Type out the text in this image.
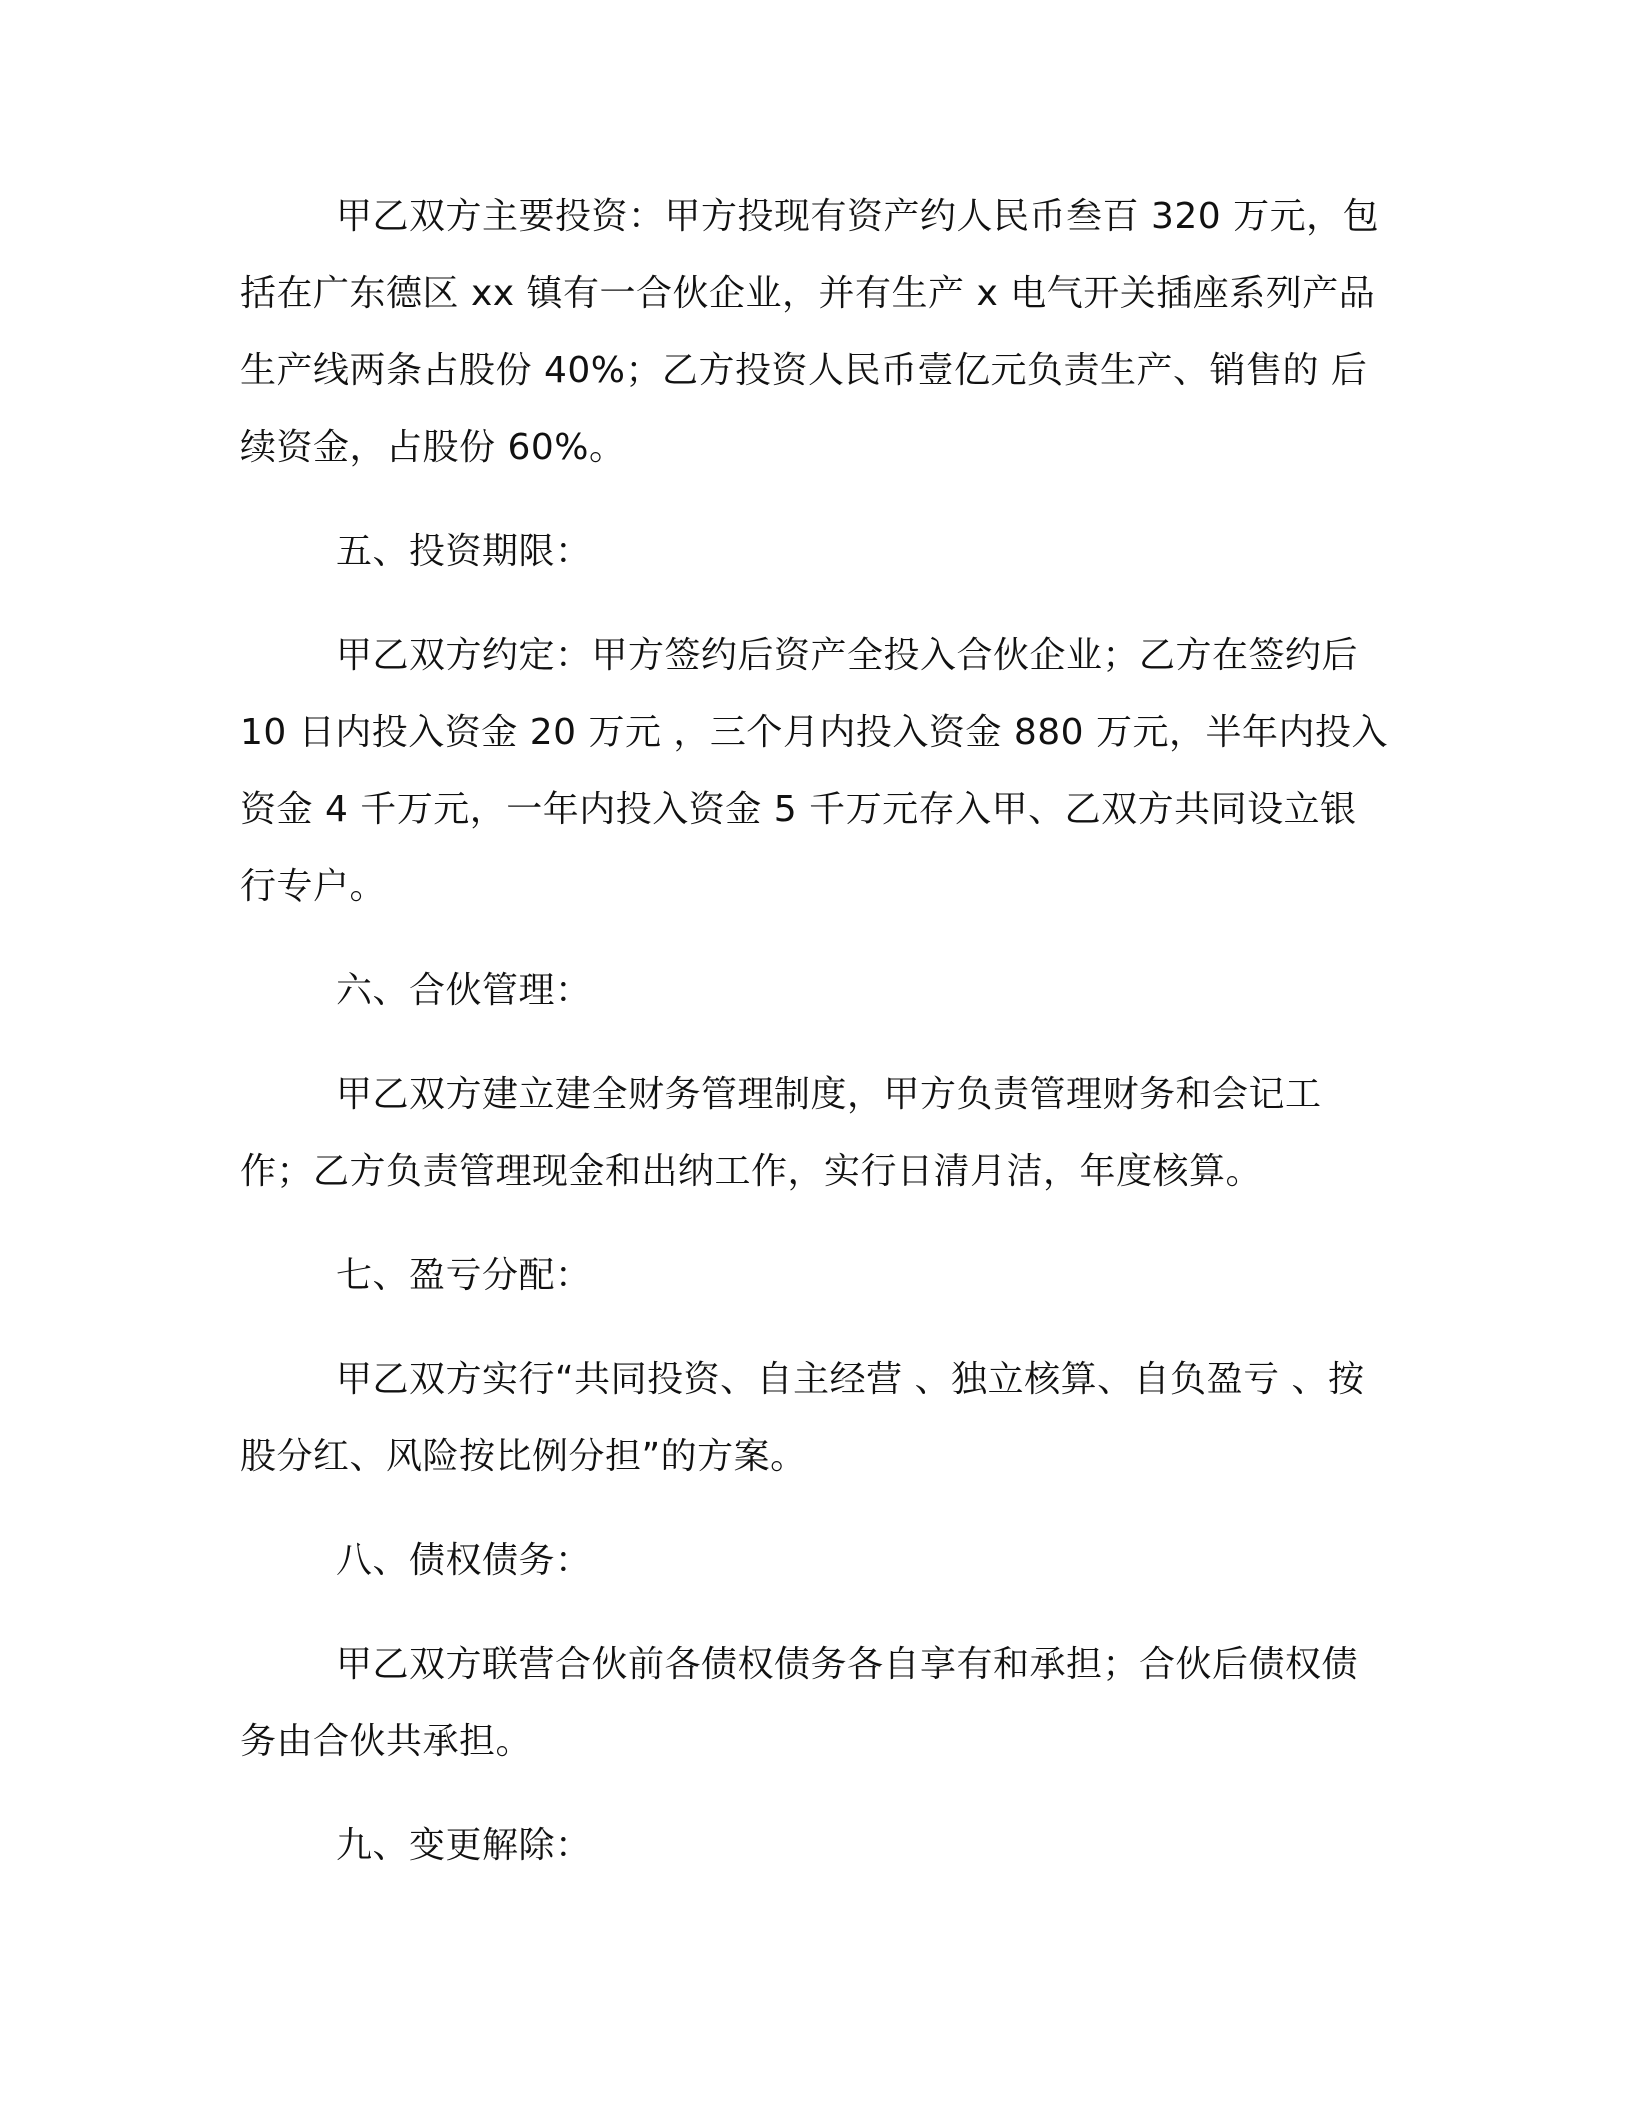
甲乙双方主要投资：甲方投现有资产约人民币叁百 320 万元，包括在广东德区 xx 镇有一合伙企业，并有生产 x 电气开关插座系列产品生产线两条占股份 40%；乙方投资人民币壹亿元负责生产、销售的 后续资金，占股份 60%。

五、投资期限：

甲乙双方约定：甲方签约后资产全投入合伙企业；乙方在签约后 10 日内投入资金 20 万元 ，三个月内投入资金 880 万元，半年内投入资金 4 千万元，一年内投入资金 5 千万元存入甲、乙双方共同设立银行专户。

六、合伙管理：

甲乙双方建立建全财务管理制度，甲方负责管理财务和会记工作；乙方负责管理现金和出纳工作，实行日清月洁，年度核算。

七、盈亏分配：

甲乙双方实行“共同投资、自主经营 、独立核算、自负盈亏 、按股分红、风险按比例分担”的方案。

八、债权债务：

甲乙双方联营合伙前各债权债务各自享有和承担；合伙后债权债务由合伙共承担。

九、变更解除：
